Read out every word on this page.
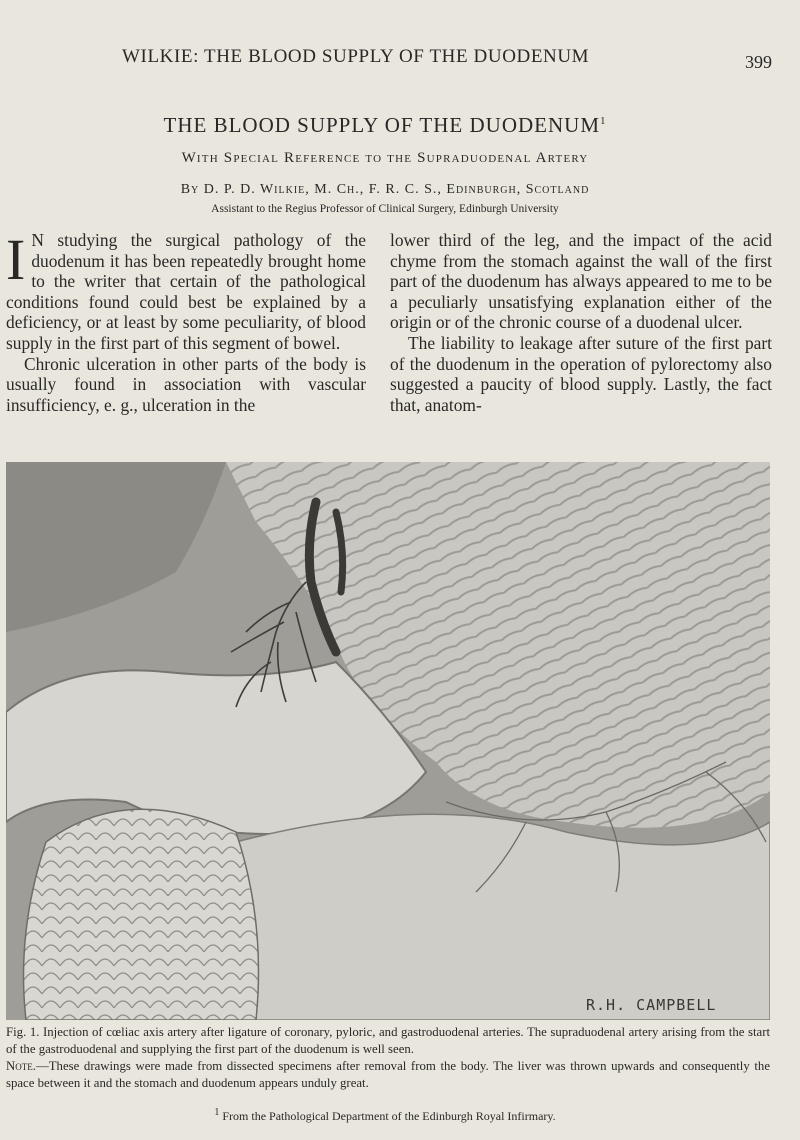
WILKIE: THE BLOOD SUPPLY OF THE DUODENUM	399
THE BLOOD SUPPLY OF THE DUODENUM$^1$
With Special Reference to the Supraduodenal Artery
By D. P. D. Wilkie, M. Ch., F. R. C. S., Edinburgh, Scotland
Assistant to the Regius Professor of Clinical Surgery, Edinburgh University

I N studying the surgical pathology of the duodenum it has been repeatedly brought home to the writer that certain of the pathological conditions found could best be explained by a deficiency, or at least by some peculiarity, of blood supply in the first part of this segment of bowel.

Chronic ulceration in other parts of the body is usually found in association with vascular insufficiency, e. g., ulceration in the

lower third of the leg, and the impact of the acid chyme from the stomach against the wall of the first part of the duodenum has always appeared to me to be a peculiarly unsatisfying explanation either of the origin or of the chronic course of a duodenal ulcer.

The liability to leakage after suture of the first part of the duodenum in the operation of pylorectomy also suggested a paucity of blood supply. Lastly, the fact that, anatom-

R.H. CAMPBELL

Fig. 1. Injection of cœliac axis artery after ligature of coronary, pyloric, and gastroduodenal arteries. The supraduodenal artery arising from the start of the gastroduodenal and supplying the first part of the duodenum is well seen.

Note.—These drawings were made from dissected specimens after removal from the body. The liver was thrown upwards and consequently the space between it and the stomach and duodenum appears unduly great.

$^1$ From the Pathological Department of the Edinburgh Royal Infirmary.
